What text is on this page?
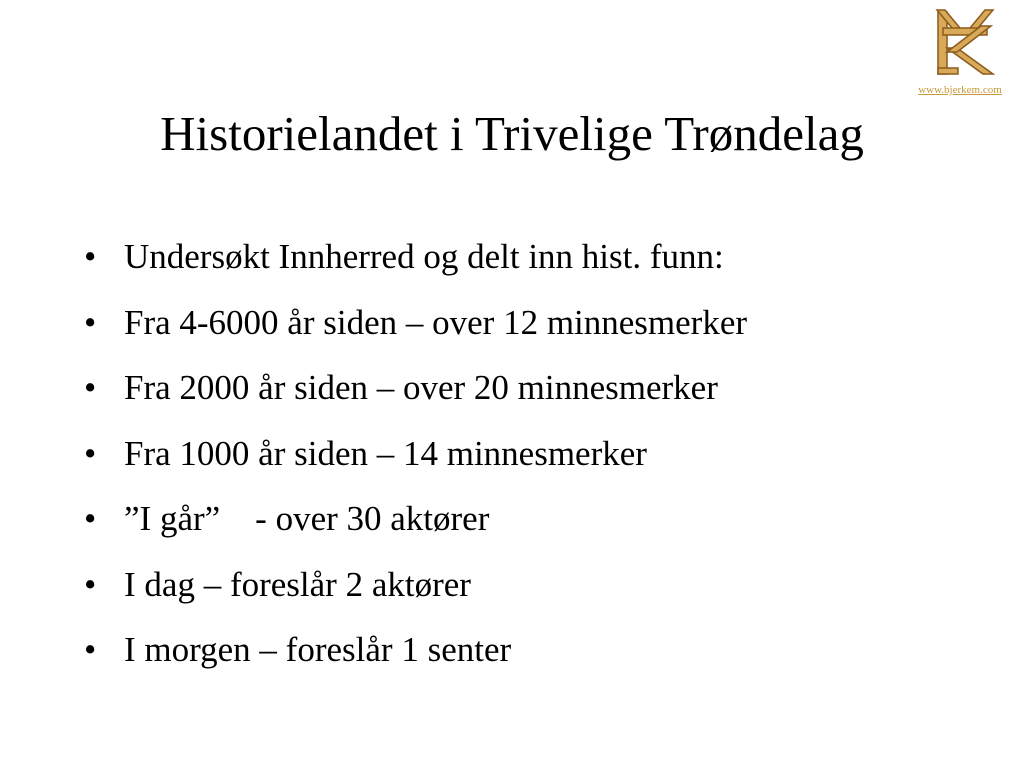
www.bjerkem.com
Historielandet i Trivelige Trøndelag
• Undersøkt Innherred og delt inn hist. funn:
• Fra 4-6000 år siden – over 12 minnesmerker
• Fra 2000 år siden – over 20 minnesmerker
• Fra 1000 år siden – 14 minnesmerker
• ”I går”    - over 30 aktører
• I dag – foreslår 2 aktører
• I morgen – foreslår 1 senter
